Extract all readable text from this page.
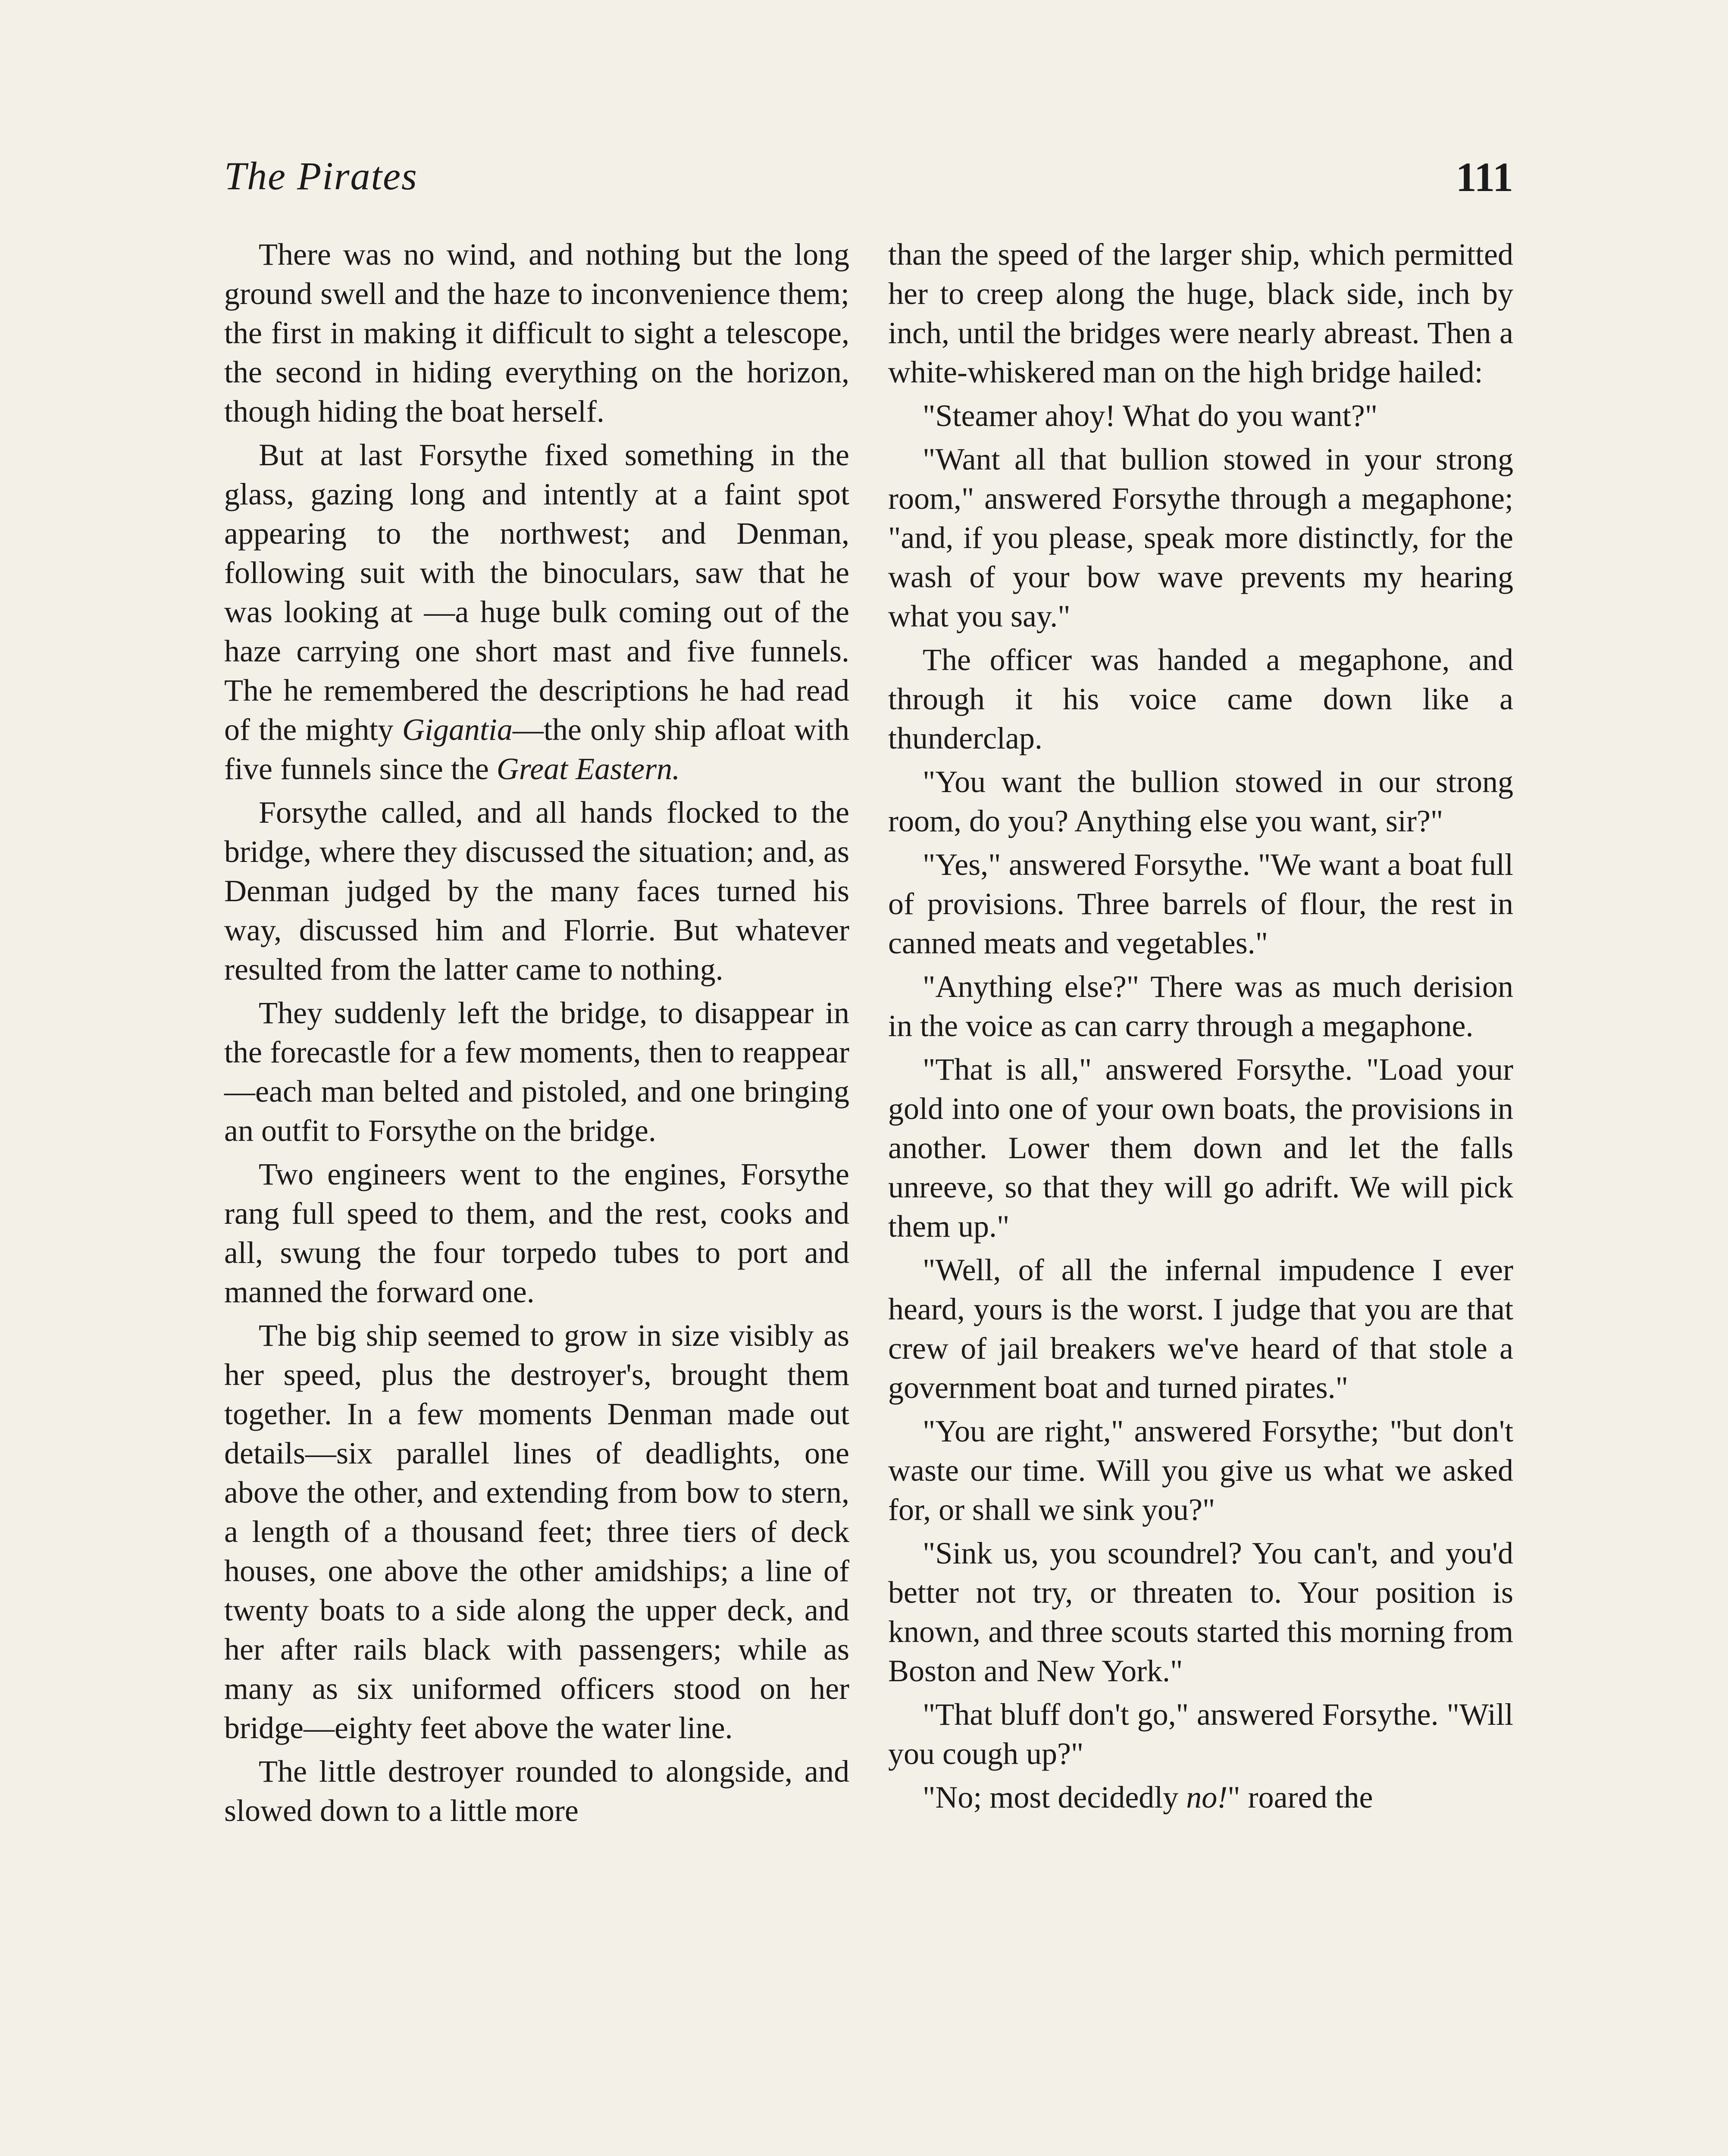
The Pirates	111

There was no wind, and nothing but the long ground swell and the haze to inconvenience them; the first in making it difficult to sight a telescope, the second in hiding everything on the horizon, though hiding the boat herself.

But at last Forsythe fixed something in the glass, gazing long and intently at a faint spot appearing to the northwest; and Denman, following suit with the binoculars, saw that he was looking at —a huge bulk coming out of the haze carrying one short mast and five funnels. The he remembered the descriptions he had read of the mighty Gigantia—the only ship afloat with five funnels since the Great Eastern.

Forsythe called, and all hands flocked to the bridge, where they discussed the situation; and, as Denman judged by the many faces turned his way, discussed him and Florrie. But whatever resulted from the latter came to nothing.

They suddenly left the bridge, to disappear in the forecastle for a few moments, then to reappear—each man belted and pistoled, and one bringing an outfit to Forsythe on the bridge.

Two engineers went to the engines, Forsythe rang full speed to them, and the rest, cooks and all, swung the four torpedo tubes to port and manned the forward one.

The big ship seemed to grow in size visibly as her speed, plus the destroyer's, brought them together. In a few moments Denman made out details—six parallel lines of deadlights, one above the other, and extending from bow to stern, a length of a thousand feet; three tiers of deck houses, one above the other amidships; a line of twenty boats to a side along the upper deck, and her after rails black with passengers; while as many as six uniformed officers stood on her bridge—eighty feet above the water line.

The little destroyer rounded to alongside, and slowed down to a little more

than the speed of the larger ship, which permitted her to creep along the huge, black side, inch by inch, until the bridges were nearly abreast. Then a white-whiskered man on the high bridge hailed:

"Steamer ahoy! What do you want?"

"Want all that bullion stowed in your strong room," answered Forsythe through a megaphone; "and, if you please, speak more distinctly, for the wash of your bow wave prevents my hearing what you say."

The officer was handed a megaphone, and through it his voice came down like a thunderclap.

"You want the bullion stowed in our strong room, do you? Anything else you want, sir?"

"Yes," answered Forsythe. "We want a boat full of provisions. Three barrels of flour, the rest in canned meats and vegetables."

"Anything else?" There was as much derision in the voice as can carry through a megaphone.

"That is all," answered Forsythe. "Load your gold into one of your own boats, the provisions in another. Lower them down and let the falls unreeve, so that they will go adrift. We will pick them up."

"Well, of all the infernal impudence I ever heard, yours is the worst. I judge that you are that crew of jail breakers we've heard of that stole a government boat and turned pirates."

"You are right," answered Forsythe; "but don't waste our time. Will you give us what we asked for, or shall we sink you?"

"Sink us, you scoundrel? You can't, and you'd better not try, or threaten to. Your position is known, and three scouts started this morning from Boston and New York."

"That bluff don't go," answered Forsythe. "Will you cough up?"

"No; most decidedly no!" roared the
